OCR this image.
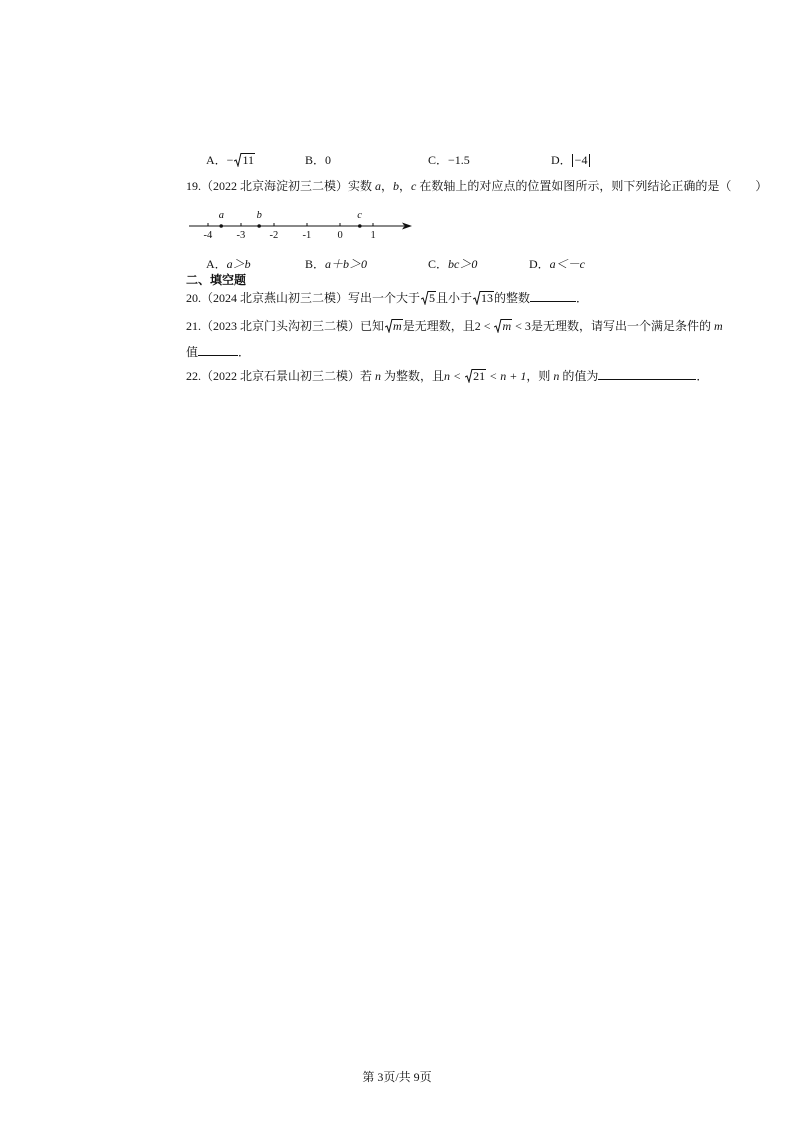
A．− 11	B．0	C．−1.5	D． −4
19.（2022 北京海淀初三二模）实数 a，b，c 在数轴上的对应点的位置如图所示，则下列结论正确的是（　　）
-4 -3 -2 -1	0	1
a	b	c
A．a＞b	B．a＋b＞0	C．bc＞0	D．a＜－c
二、填空题
20.（2024 北京燕山初三二模）写出一个大于 5且小于 13的整数	．
21.（2023 北京门头沟初三二模）已知 m是无理数，且2 <
m < 3是无理数，请写出一个满足条件的 m
值	．
22.（2022 北京石景山初三二模）若 n 为整数，且n <
21 < n + 1，则 n 的值为	．
第 3页/共 9页
